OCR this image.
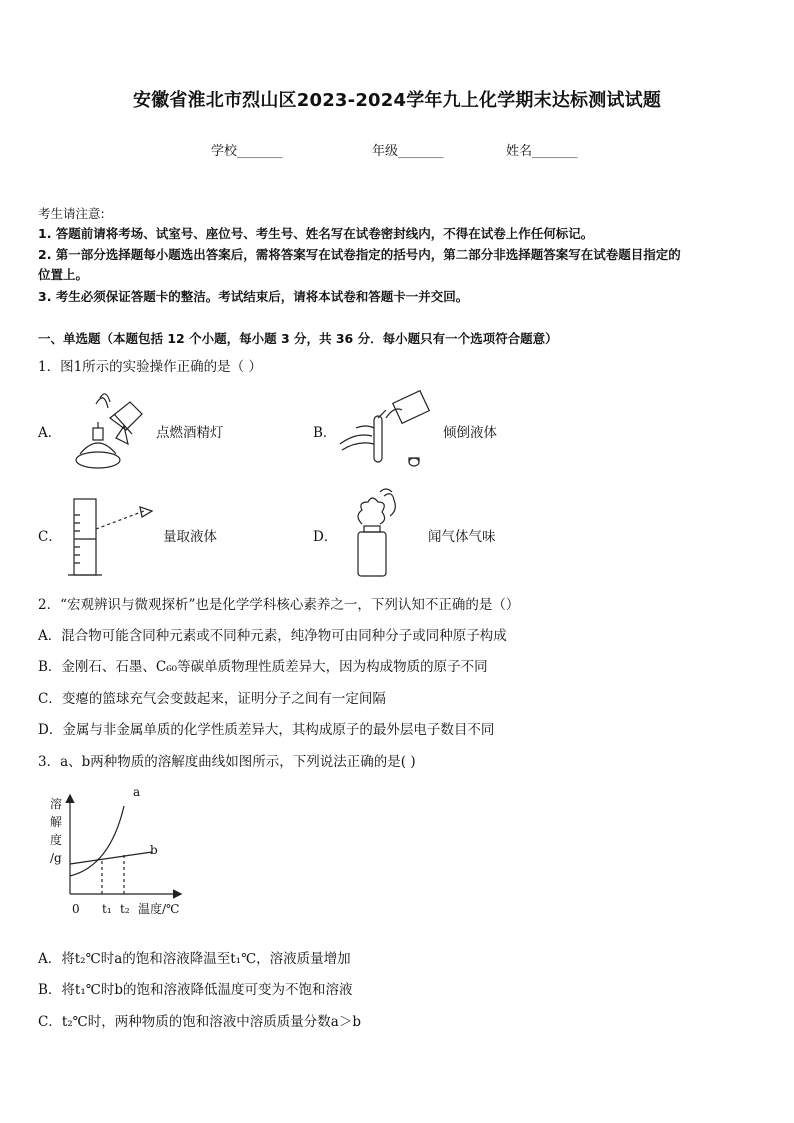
安徽省淮北市烈山区2023-2024学年九上化学期末达标测试试题
学校_______	年级_______	姓名_______
考生请注意:
1. 答题前请将考场、试室号、座位号、考生号、姓名写在试卷密封线内，不得在试卷上作任何标记。
2. 第一部分选择题每小题选出答案后，需将答案写在试卷指定的括号内，第二部分非选择题答案写在试卷题目指定的
位置上。
3. 考生必须保证答题卡的整洁。考试结束后，请将本试卷和答题卡一并交回。
一、单选题（本题包括 12 个小题，每小题 3 分，共 36 分．每小题只有一个选项符合题意）
1．图1所示的实验操作正确的是（ ）
A．	点燃酒精灯	B．	倾倒液体
C．	量取液体	D．	闻气体气味
2．“宏观辨识与微观探析”也是化学学科核心素养之一，下列认知不正确的是（）
A．混合物可能含同种元素或不同种元素，纯净物可由同种分子或同种原子构成
B．金刚石、石墨、C₆₀等碳单质物理性质差异大，因为构成物质的原子不同
C．变瘪的篮球充气会变鼓起来，证明分子之间有一定间隔
D．金属与非金属单质的化学性质差异大，其构成原子的最外层电子数目不同
3．a、b两种物质的溶解度曲线如图所示，下列说法正确的是( )
溶
解
度
/g
0 t₁ t₂ 温度/℃
a
b
A．将t₂℃时a的饱和溶液降温至t₁℃，溶液质量增加
B．将t₁℃时b的饱和溶液降低温度可变为不饱和溶液
C．t₂℃时，两种物质的饱和溶液中溶质质量分数a＞b
